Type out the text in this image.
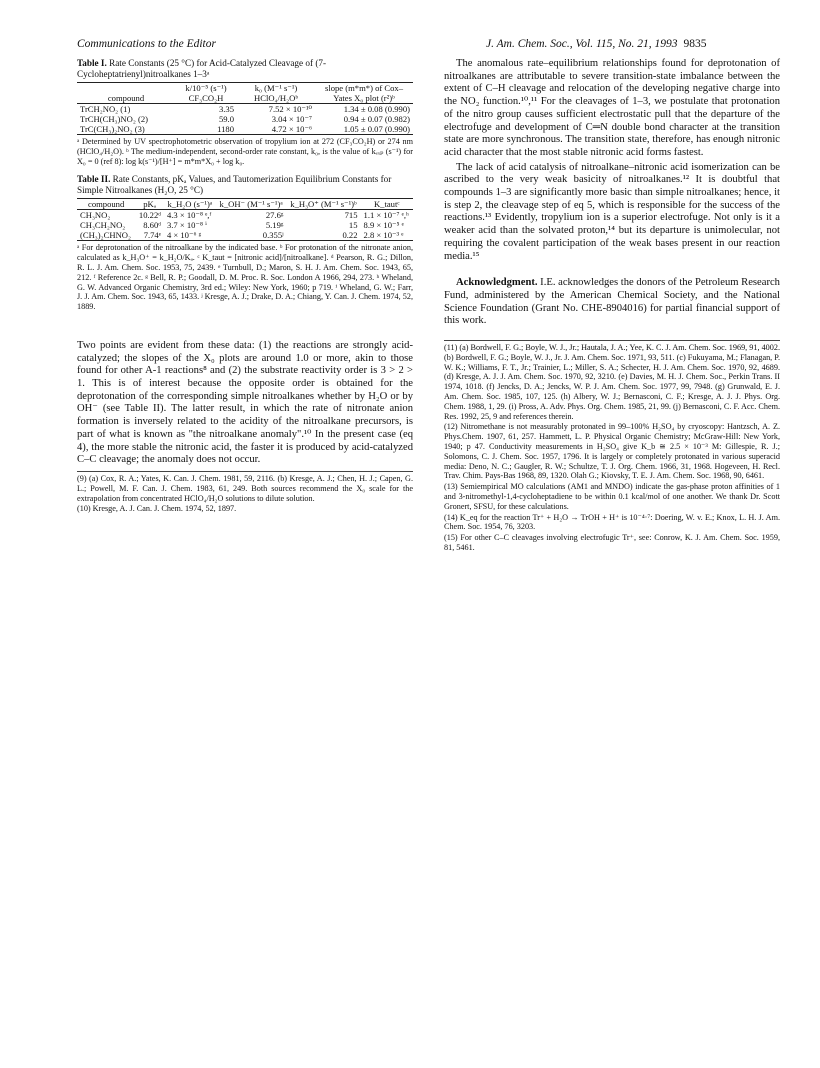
Communications to the Editor	J. Am. Chem. Soc., Vol. 115, No. 21, 1993 9835

Table I. Rate Constants (25 °C) for Acid-Catalyzed Cleavage of (7-Cycloheptatrienyl)nitroalkanes 1–3ᵃ

compound	k/10⁻⁵ (s⁻¹) CF₃CO₂H	k₀ (M⁻¹ s⁻¹) HClO₄/H₂Oᵇ	slope (m*m*) of Cox–Yates X₀ plot (r²)ᵇ
TrCH₂NO₂ (1)	3.35	7.52 × 10⁻¹⁰	1.34 ± 0.08 (0.990)
TrCH(CH₃)NO₂ (2)	59.0	3.04 × 10⁻⁷	0.94 ± 0.07 (0.982)
TrC(CH₃)₂NO₂ (3)	1180	4.72 × 10⁻⁶	1.05 ± 0.07 (0.990)

ᵃ Determined by UV spectrophotometric observation of tropylium ion at 272 (CF₃CO₂H) or 274 nm (HClO₄/H₂O). ᵇ The medium-independent, second-order rate constant, k₀, is the value of kₑₓₚ (s⁻¹) for X₀ = 0 (ref 8): log k(s⁻¹)/[H⁺] = m*m*X₀ + log k₀.

Table II. Rate Constants, pKₐ Values, and Tautomerization Equilibrium Constants for Simple Nitroalkanes (H₂O, 25 °C)

compound	pKₐ	k_H₂O (s⁻¹)ᵃ	k_OH⁻ (M⁻¹ s⁻¹)ᵃ	k_H₃O⁺ (M⁻¹ s⁻¹)ᵇ	K_tautᶜ
CH₃NO₂	10.22ᵈ	4.3 × 10⁻⁸ ᵉ,ᶠ	27.6ᵍ	715	1.1 × 10⁻⁷ ᵉ,ʰ
CH₃CH₂NO₂	8.60ᵈ	3.7 × 10⁻⁸ ⁱ	5.19ᵍ	15	8.9 × 10⁻⁵ ᵉ
(CH₃)₂CHNO₂	7.74ᵉ	4 × 10⁻⁶ ᵍ	0.355ʲ	0.22	2.8 × 10⁻³ ᵉ

ᵃ For deprotonation of the nitroalkane by the indicated base. ᵇ For protonation of the nitronate anion, calculated as k_H₃O⁺ = k_H₂O/Kₐ. ᶜ K_taut = [nitronic acid]/[nitroalkane]. ᵈ Pearson, R. G.; Dillon, R. L. J. Am. Chem. Soc. 1953, 75, 2439. ᵉ Turnbull, D.; Maron, S. H. J. Am. Chem. Soc. 1943, 65, 212. ᶠ Reference 2c. ᵍ Bell, R. P.; Goodall, D. M. Proc. R. Soc. London A 1966, 294, 273. ʰ Wheland, G. W. Advanced Organic Chemistry, 3rd ed.; Wiley: New York, 1960; p 719. ⁱ Wheland, G. W.; Farr, J. J. Am. Chem. Soc. 1943, 65, 1433. ʲ Kresge, A. J.; Drake, D. A.; Chiang, Y. Can. J. Chem. 1974, 52, 1889.

Two points are evident from these data: (1) the reactions are strongly acid-catalyzed; the slopes of the X₀ plots are around 1.0 or more, akin to those found for other A-1 reactions⁸ and (2) the substrate reactivity order is 3 > 2 > 1. This is of interest because the opposite order is obtained for the deprotonation of the corresponding simple nitroalkanes whether by H₂O or by OH⁻ (see Table II). The latter result, in which the rate of nitronate anion formation is inversely related to the acidity of the nitroalkane precursors, is part of what is known as "the nitroalkane anomaly".¹⁰ In the present case (eq 4), the more stable the nitronic acid, the faster it is produced by acid-catalyzed C–C cleavage; the anomaly does not occur.

(9) (a) Cox, R. A.; Yates, K. Can. J. Chem. 1981, 59, 2116. (b) Kresge, A. J.; Chen, H. J.; Capen, G. L.; Powell, M. F. Can. J. Chem. 1983, 61, 249. Both sources recommend the X₀ scale for the extrapolation from concentrated HClO₄/H₂O solutions to dilute solution.

(10) Kresge, A. J. Can. J. Chem. 1974, 52, 1897.

The anomalous rate–equilibrium relationships found for deprotonation of nitroalkanes are attributable to severe transition-state imbalance between the extent of C–H cleavage and relocation of the developing negative charge into the NO₂ function.¹⁰,¹¹ For the cleavages of 1–3, we postulate that protonation of the nitro group causes sufficient electrostatic pull that the departure of the electrofuge and development of C═N double bond character at the transition state are more synchronous. The transition state, therefore, has enough nitronic acid character that the most stable nitronic acid forms fastest.

The lack of acid catalysis of nitroalkane–nitronic acid isomerization can be ascribed to the very weak basicity of nitroalkanes.¹² It is doubtful that compounds 1–3 are significantly more basic than simple nitroalkanes; hence, it is step 2, the cleavage step of eq 5, which is responsible for the success of the reactions.¹³ Evidently, tropylium ion is a superior electrofuge. Not only is it a weaker acid than the solvated proton,¹⁴ but its departure is unimolecular, not requiring the covalent participation of the weak bases present in our reaction media.¹⁵

Acknowledgment. I.E. acknowledges the donors of the Petroleum Research Fund, administered by the American Chemical Society, and the National Science Foundation (Grant No. CHE-8904016) for partial financial support of this work.

(11) (a) Bordwell, F. G.; Boyle, W. J., Jr.; Hautala, J. A.; Yee, K. C. J. Am. Chem. Soc. 1969, 91, 4002. (b) Bordwell, F. G.; Boyle, W. J., Jr. J. Am. Chem. Soc. 1971, 93, 511. (c) Fukuyama, M.; Flanagan, P. W. K.; Williams, F. T., Jr.; Trainier, L.; Miller, S. A.; Schecter, H. J. Am. Chem. Soc. 1970, 92, 4689. (d) Kresge, A. J. J. Am. Chem. Soc. 1970, 92, 3210. (e) Davies, M. H. J. Chem. Soc., Perkin Trans. II 1974, 1018. (f) Jencks, D. A.; Jencks, W. P. J. Am. Chem. Soc. 1977, 99, 7948. (g) Grunwald, E. J. Am. Chem. Soc. 1985, 107, 125. (h) Albery, W. J.; Bernasconi, C. F.; Kresge, A. J. J. Phys. Org. Chem. 1988, 1, 29. (i) Pross, A. Adv. Phys. Org. Chem. 1985, 21, 99. (j) Bernasconi, C. F. Acc. Chem. Res. 1992, 25, 9 and references therein.

(12) Nitromethane is not measurably protonated in 99–100% H₂SO₄ by cryoscopy: Hantzsch, A. Z. Phys.Chem. 1907, 61, 257. Hammett, L. P. Physical Organic Chemistry; McGraw-Hill: New York, 1940; p 47. Conductivity measurements in H₂SO₄ give K_b ≅ 2.5 × 10⁻³ M: Gillespie, R. J.; Solomons, C. J. Chem. Soc. 1957, 1796. It is largely or completely protonated in various superacid media: Deno, N. C.; Gaugler, R. W.; Schultze, T. J. Org. Chem. 1966, 31, 1968. Hogeveen, H. Recl. Trav. Chim. Pays-Bas 1968, 89, 1320. Olah G.; Kiovsky, T. E. J. Am. Chem. Soc. 1968, 90, 6461.

(13) Semiempirical MO calculations (AM1 and MNDO) indicate the gas-phase proton affinities of 1 and 3-nitromethyl-1,4-cycloheptadiene to be within 0.1 kcal/mol of one another. We thank Dr. Scott Gronert, SFSU, for these calculations.

(14) K_eq for the reaction Tr⁺ + H₂O → TrOH + H⁺ is 10⁻⁴·⁷: Doering, W. v. E.; Knox, L. H. J. Am. Chem. Soc. 1954, 76, 3203.

(15) For other C–C cleavages involving electrofugic Tr⁺, see: Conrow, K. J. Am. Chem. Soc. 1959, 81, 5461.
